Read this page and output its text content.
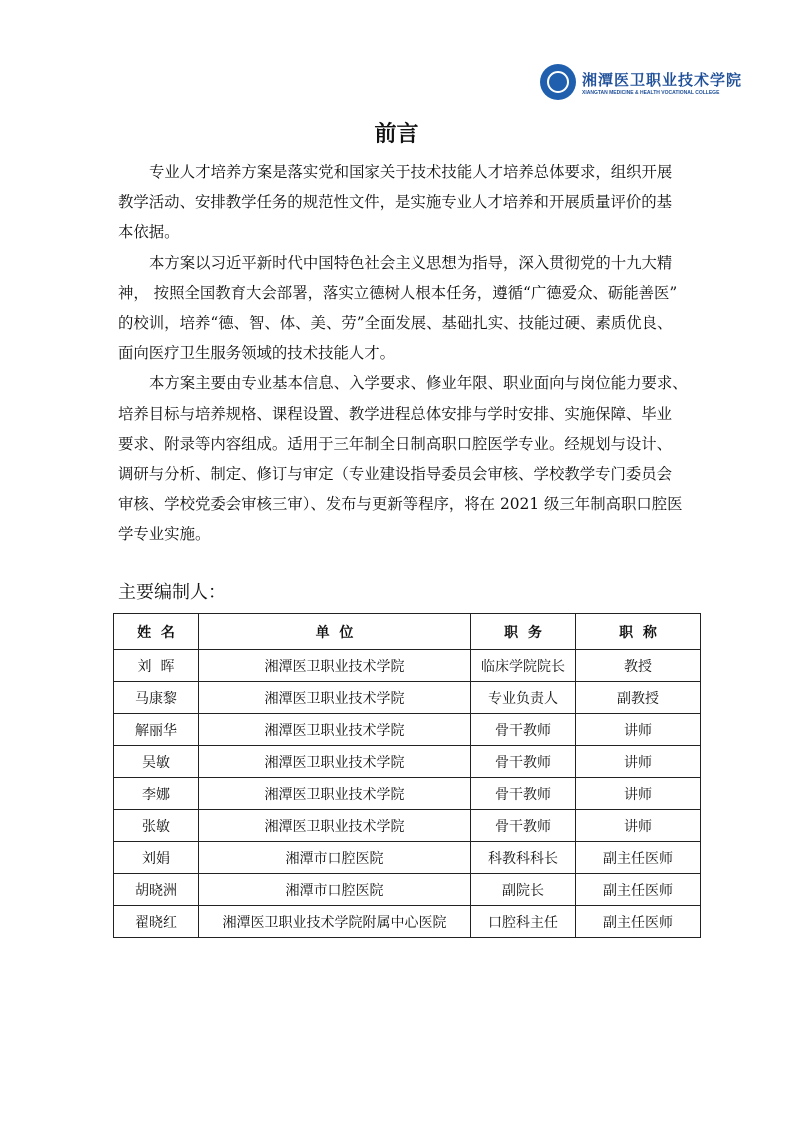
湘潭医卫职业技术学院
XIANGTAN MEDICINE & HEALTH VOCATIONAL COLLEGE
前言
专业人才培养方案是落实党和国家关于技术技能人才培养总体要求，组织开展
教学活动、安排教学任务的规范性文件，是实施专业人才培养和开展质量评价的基
本依据。
本方案以习近平新时代中国特色社会主义思想为指导，深入贯彻党的十九大精
神， 按照全国教育大会部署，落实立德树人根本任务，遵循“广德爱众、砺能善医”
的校训，培养“德、智、体、美、劳”全面发展、基础扎实、技能过硬、素质优良、
面向医疗卫生服务领域的技术技能人才。
本方案主要由专业基本信息、入学要求、修业年限、职业面向与岗位能力要求、
培养目标与培养规格、课程设置、教学进程总体安排与学时安排、实施保障、毕业
要求、附录等内容组成。适用于三年制全日制高职口腔医学专业。经规划与设计、
调研与分析、制定、修订与审定（专业建设指导委员会审核、学校教学专门委员会
审核、学校党委会审核三审）、发布与更新等程序，将在 2021 级三年制高职口腔医
学专业实施。
主要编制人：
姓  名	单  位	职  务	职  称
刘  晖	湘潭医卫职业技术学院	临床学院院长	教授
马康黎	湘潭医卫职业技术学院	专业负责人	副教授
解丽华	湘潭医卫职业技术学院	骨干教师	讲师
吴敏	湘潭医卫职业技术学院	骨干教师	讲师
李娜	湘潭医卫职业技术学院	骨干教师	讲师
张敏	湘潭医卫职业技术学院	骨干教师	讲师
刘娟	湘潭市口腔医院	科教科科长	副主任医师
胡晓洲	湘潭市口腔医院	副院长	副主任医师
翟晓红	湘潭医卫职业技术学院附属中心医院	口腔科主任	副主任医师
